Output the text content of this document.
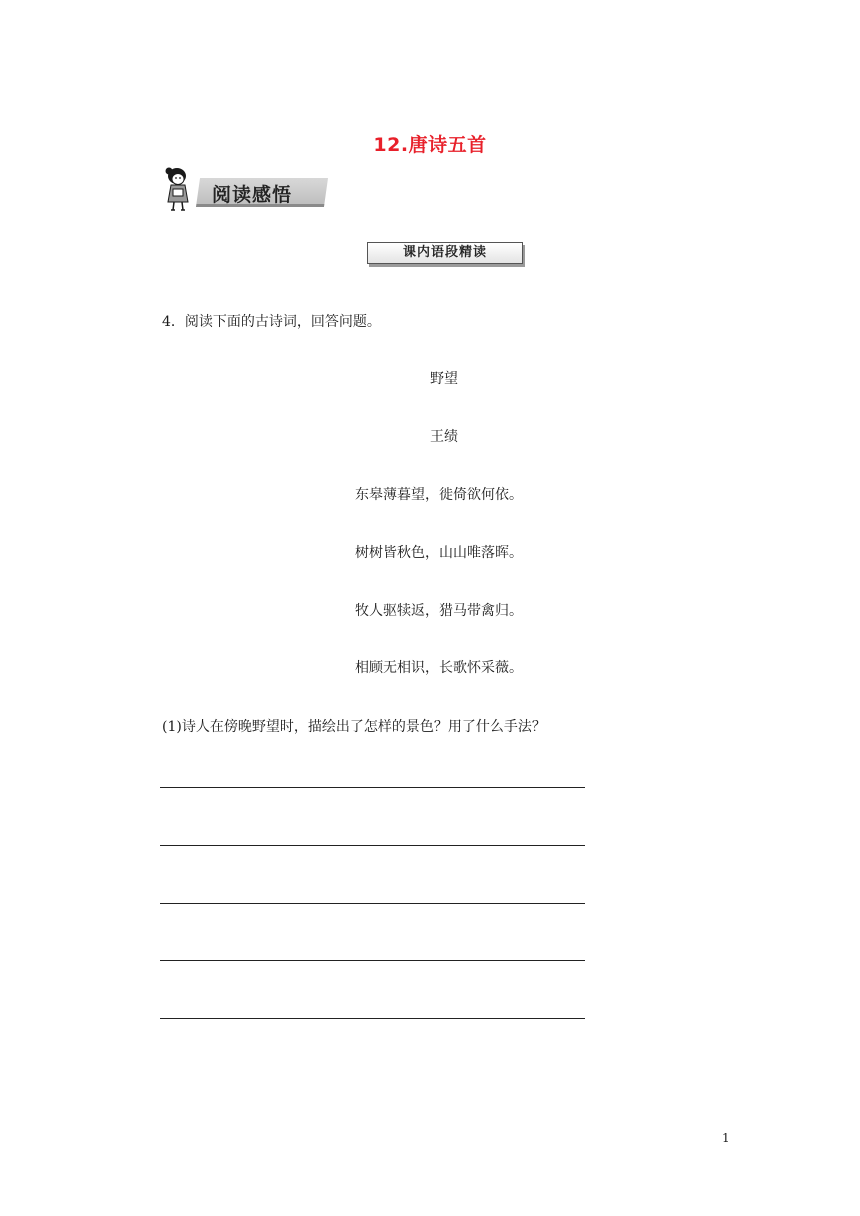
12.唐诗五首
阅读感悟
课内语段精读
4．阅读下面的古诗词，回答问题。
野望
王绩
东皋薄暮望，徙倚欲何依。
树树皆秋色，山山唯落晖。
牧人驱犊返，猎马带禽归。
相顾无相识，长歌怀采薇。
(1)诗人在傍晚野望时，描绘出了怎样的景色？用了什么手法？
1
